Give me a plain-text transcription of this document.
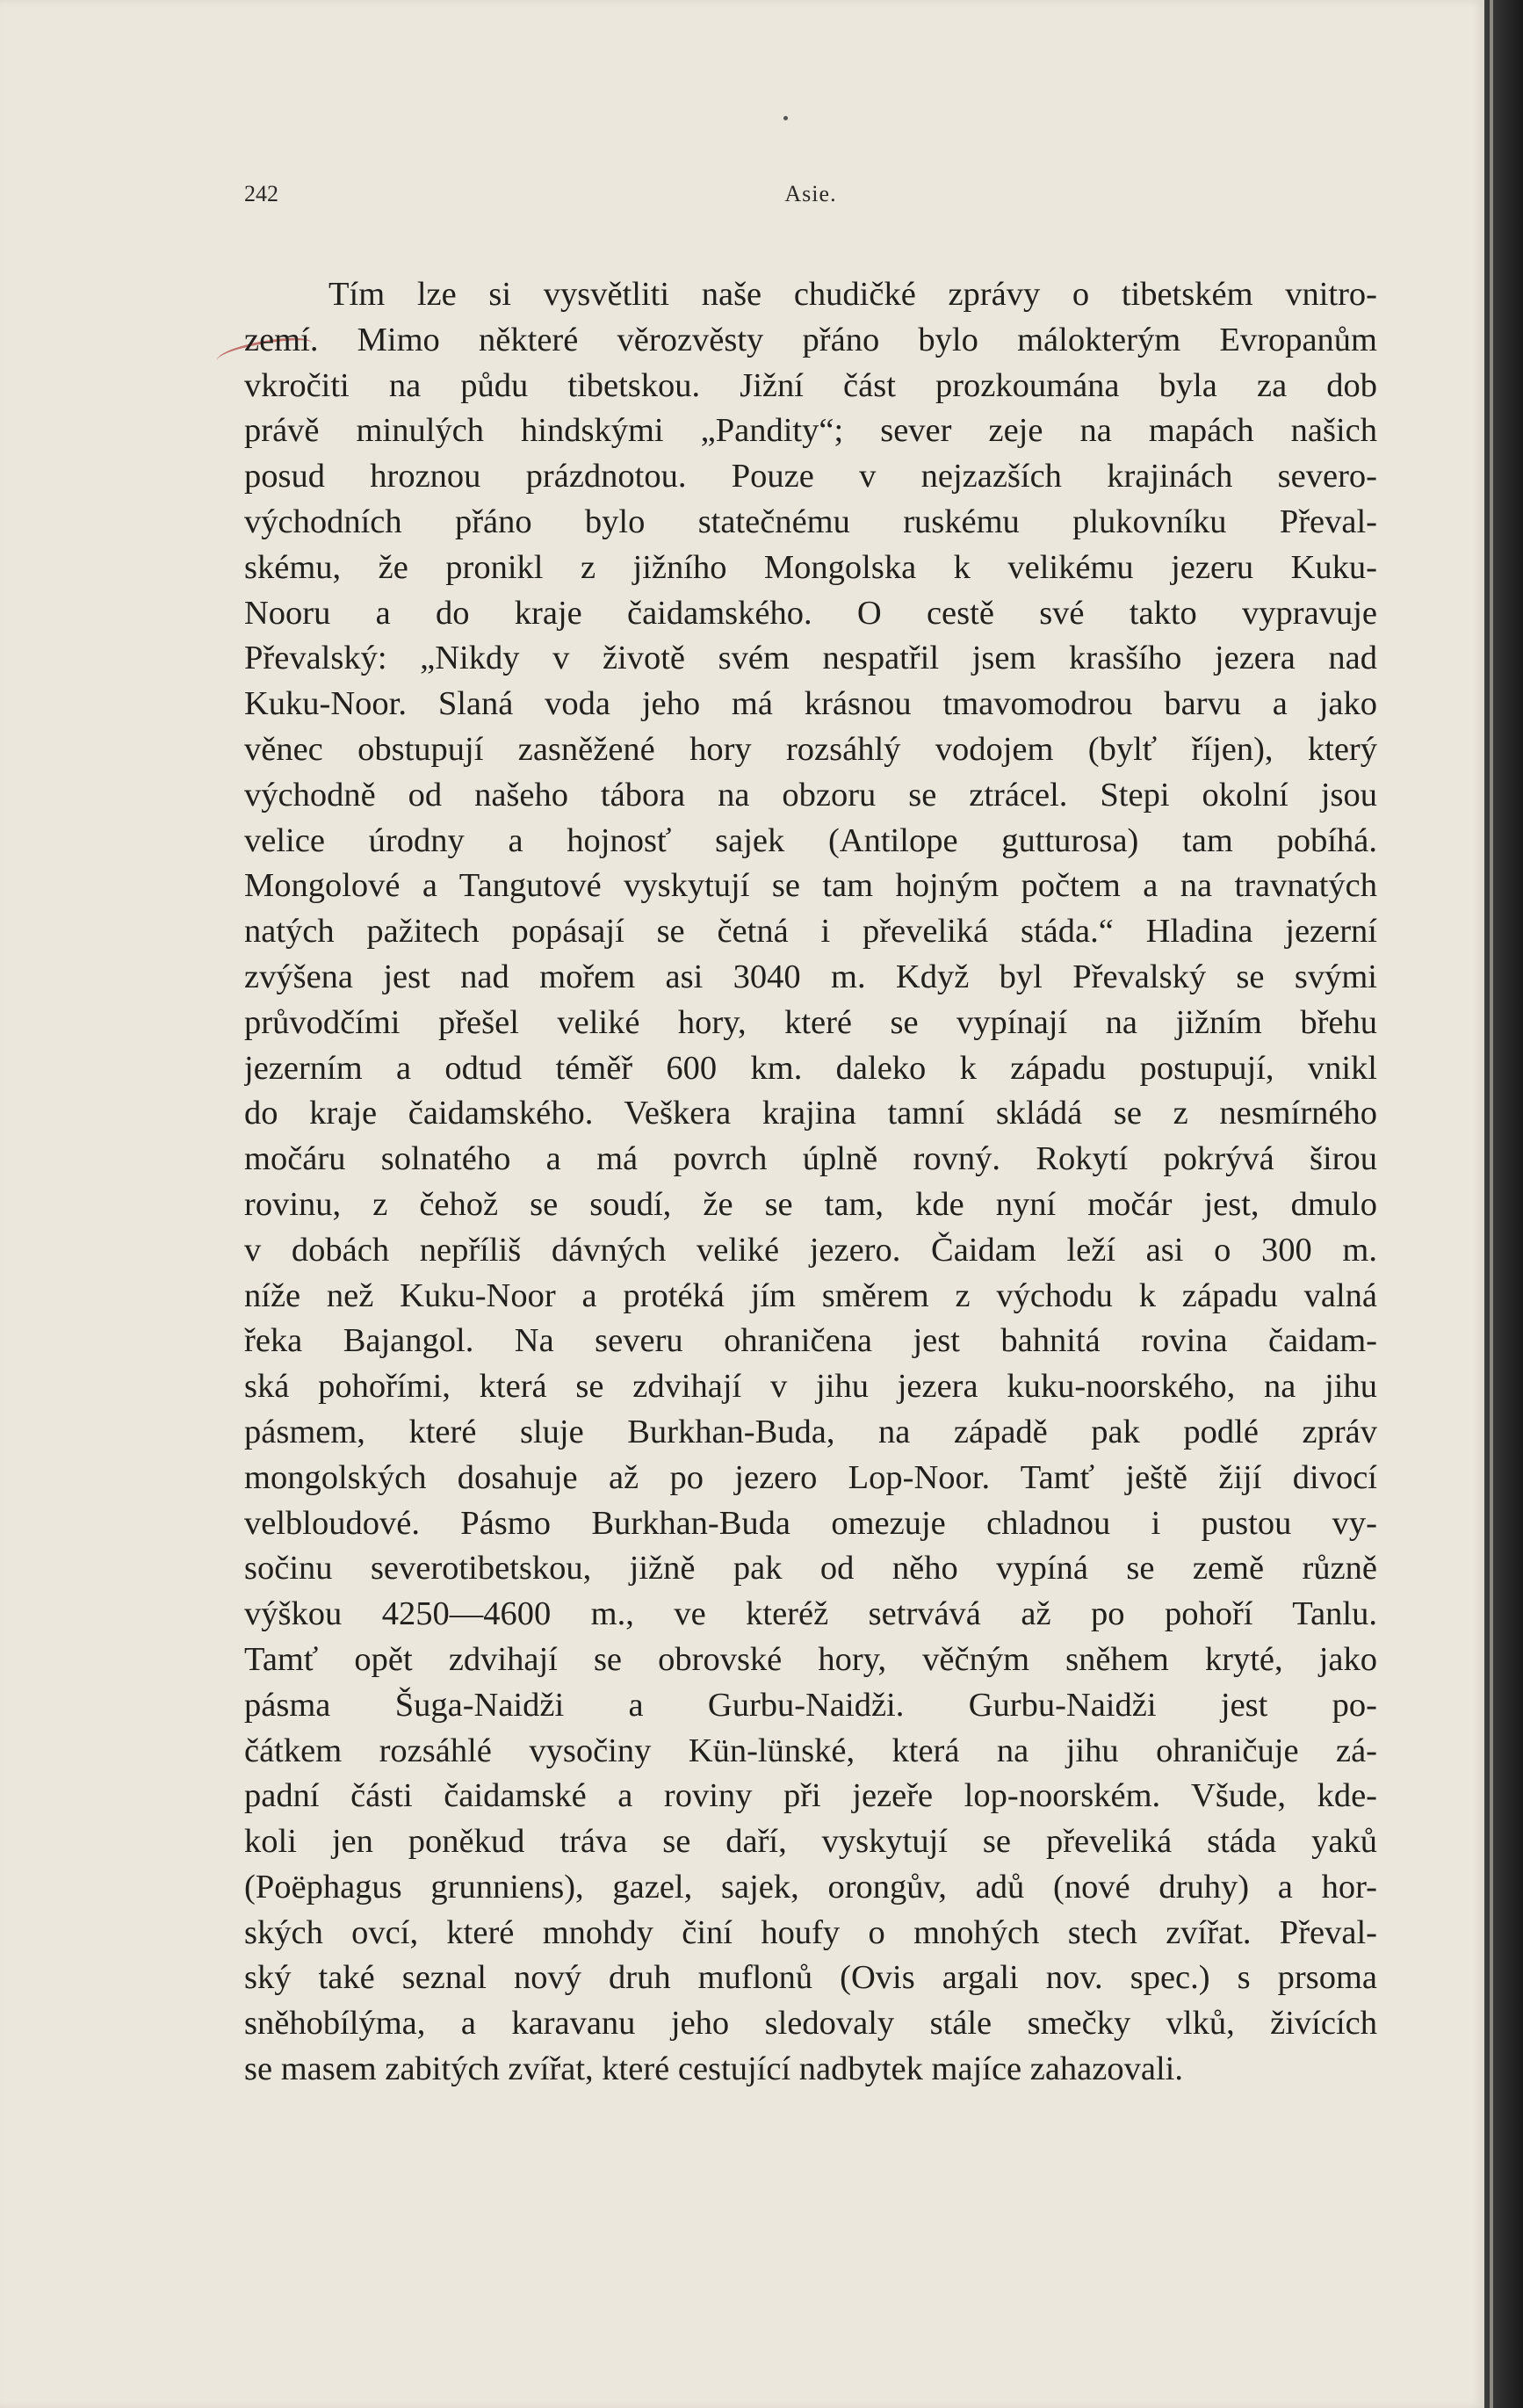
242	Asie.
Tím lze si vysvětliti naše chudičké zprávy o tibetském vnitro-
zemí. Mimo některé věrozvěsty přáno bylo málokterým Evropanům
vkročiti na půdu tibetskou. Jižní část prozkoumána byla za dob
právě minulých hindskými „Pandity“; sever zeje na mapách našich
posud hroznou prázdnotou. Pouze v nejzazších krajinách severo-
východních přáno bylo statečnému ruskému plukovníku Převal-
skému, že pronikl z jižního Mongolska k velikému jezeru Kuku-
Nooru a do kraje čaidamského. O cestě své takto vypravuje
Převalský: „Nikdy v životě svém nespatřil jsem krasšího jezera nad
Kuku-Noor. Slaná voda jeho má krásnou tmavomodrou barvu a jako
věnec obstupují zasněžené hory rozsáhlý vodojem (bylť říjen), který
východně od našeho tábora na obzoru se ztrácel. Stepi okolní jsou
velice úrodny a hojnosť sajek (Antilope gutturosa) tam pobíhá.
Mongolové a Tangutové vyskytují se tam hojným počtem a na travnatých
natých pažitech popásají se četná i převeliká stáda.“ Hladina jezerní
zvýšena jest nad mořem asi 3040 m. Když byl Převalský se svými
průvodčími přešel veliké hory, které se vypínají na jižním břehu
jezerním a odtud téměř 600 km. daleko k západu postupují, vnikl
do kraje čaidamského. Veškera krajina tamní skládá se z nesmírného
močáru solnatého a má povrch úplně rovný. Rokytí pokrývá širou
rovinu, z čehož se soudí, že se tam, kde nyní močár jest, dmulo
v dobách nepříliš dávných veliké jezero. Čaidam leží asi o 300 m.
níže než Kuku-Noor a protéká jím směrem z východu k západu valná
řeka Bajangol. Na severu ohraničena jest bahnitá rovina čaidam-
ská pohořími, která se zdvihají v jihu jezera kuku-noorského, na jihu
pásmem, které sluje Burkhan-Buda, na západě pak podlé zpráv
mongolských dosahuje až po jezero Lop-Noor. Tamť ještě žijí divocí
velbloudové. Pásmo Burkhan-Buda omezuje chladnou i pustou vy-
sočinu severotibetskou, jižně pak od něho vypíná se země různě
výškou 4250—4600 m., ve kteréž setrvává až po pohoří Tanlu.
Tamť opět zdvihají se obrovské hory, věčným sněhem kryté, jako
pásma Šuga-Naidži a Gurbu-Naidži. Gurbu-Naidži jest po-
čátkem rozsáhlé vysočiny Kün-lünské, která na jihu ohraničuje zá-
padní části čaidamské a roviny při jezeře lop-noorském. Všude, kde-
koli jen poněkud tráva se daří, vyskytují se převeliká stáda yaků
(Poëphagus grunniens), gazel, sajek, orongův, adů (nové druhy) a hor-
ských ovcí, které mnohdy činí houfy o mnohých stech zvířat. Převal-
ský také seznal nový druh muflonů (Ovis argali nov. spec.) s prsoma
sněhobílýma, a karavanu jeho sledovaly stále smečky vlků, živících
se masem zabitých zvířat, které cestující nadbytek majíce zahazovali.
